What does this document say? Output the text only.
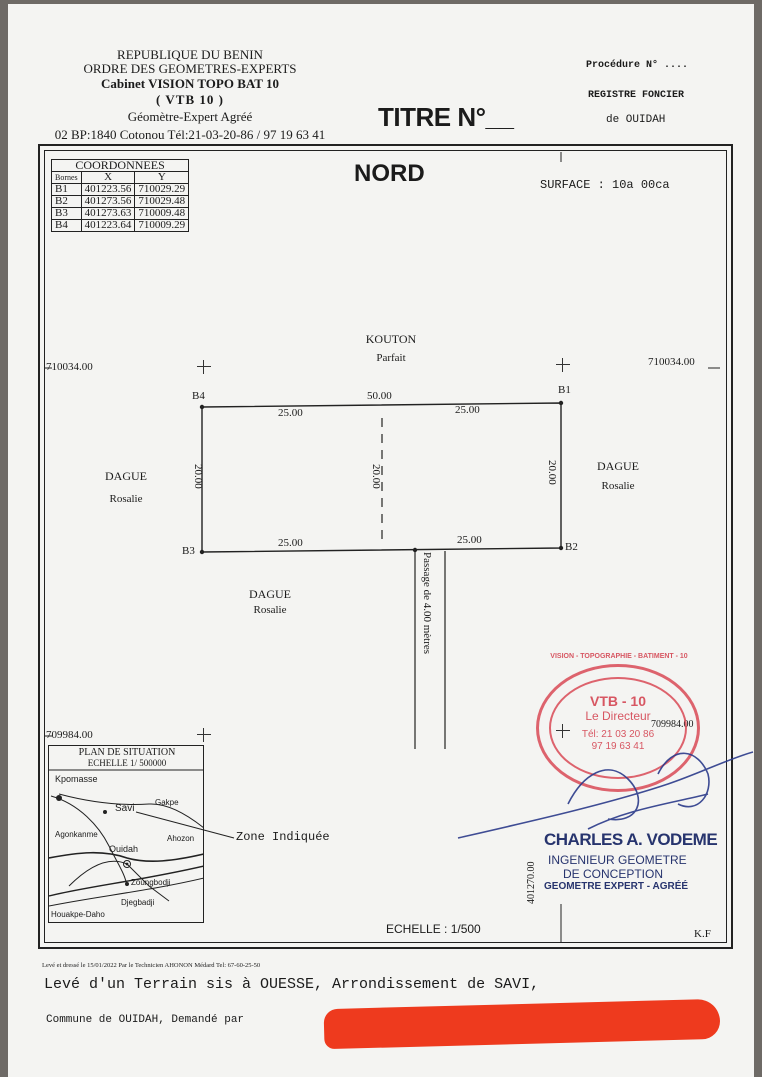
REPUBLIQUE DU BENIN
ORDRE DES GEOMETRES-EXPERTS
Cabinet VISION TOPO BAT 10
( VTB 10 )
Géomètre-Expert Agréé
02 BP:1840 Cotonou Tél:21-03-20-86 / 97 19 63 41
TITRE N°__
Procédure N° ....
REGISTRE FONCIER
de OUIDAH
COORDONNEES		
Bornes	X	Y
B1	401223.56	710029.29
B2	401273.56	710029.48
B3	401273.63	710009.48
B4	401223.64	710009.29
NORD	SURFACE : 10a 00ca
710034.00	710034.00
709984.00
709984.00
401270.00
KOUTON
Parfait
DAGUE
Rosalie
DAGUE
Rosalie
DAGUE
Rosalie
B4	B1
B3	B2
50.00
25.00	25.00
25.00	25.00
20.00	20.00	20.00
Passage de 4.00 mètres
PLAN DE SITUATION
ECHELLE 1/ 500000
Kpomasse
Savi
Gakpe
Agonkanme	Ahozon
Ouidah
Zoungbodji
Djegbadji
Houakpe-Daho
Zone Indiquée
VISION - TOPOGRAPHIE - BATIMENT - 10
VTB - 10
Le Directeur
Tél: 21 03 20 86
97 19 63 41
CHARLES A. VODEME
INGENIEUR GEOMETRE
DE CONCEPTION
GEOMETRE EXPERT - AGRÉÉ
ECHELLE : 1/500	K.F
Levé et dressé le 15/01/2022 Par le Technicien AHONON Médard Tel: 67-60-25-50
Levé d'un Terrain sis à OUESSE, Arrondissement de SAVI,
Commune de OUIDAH, Demandé par
